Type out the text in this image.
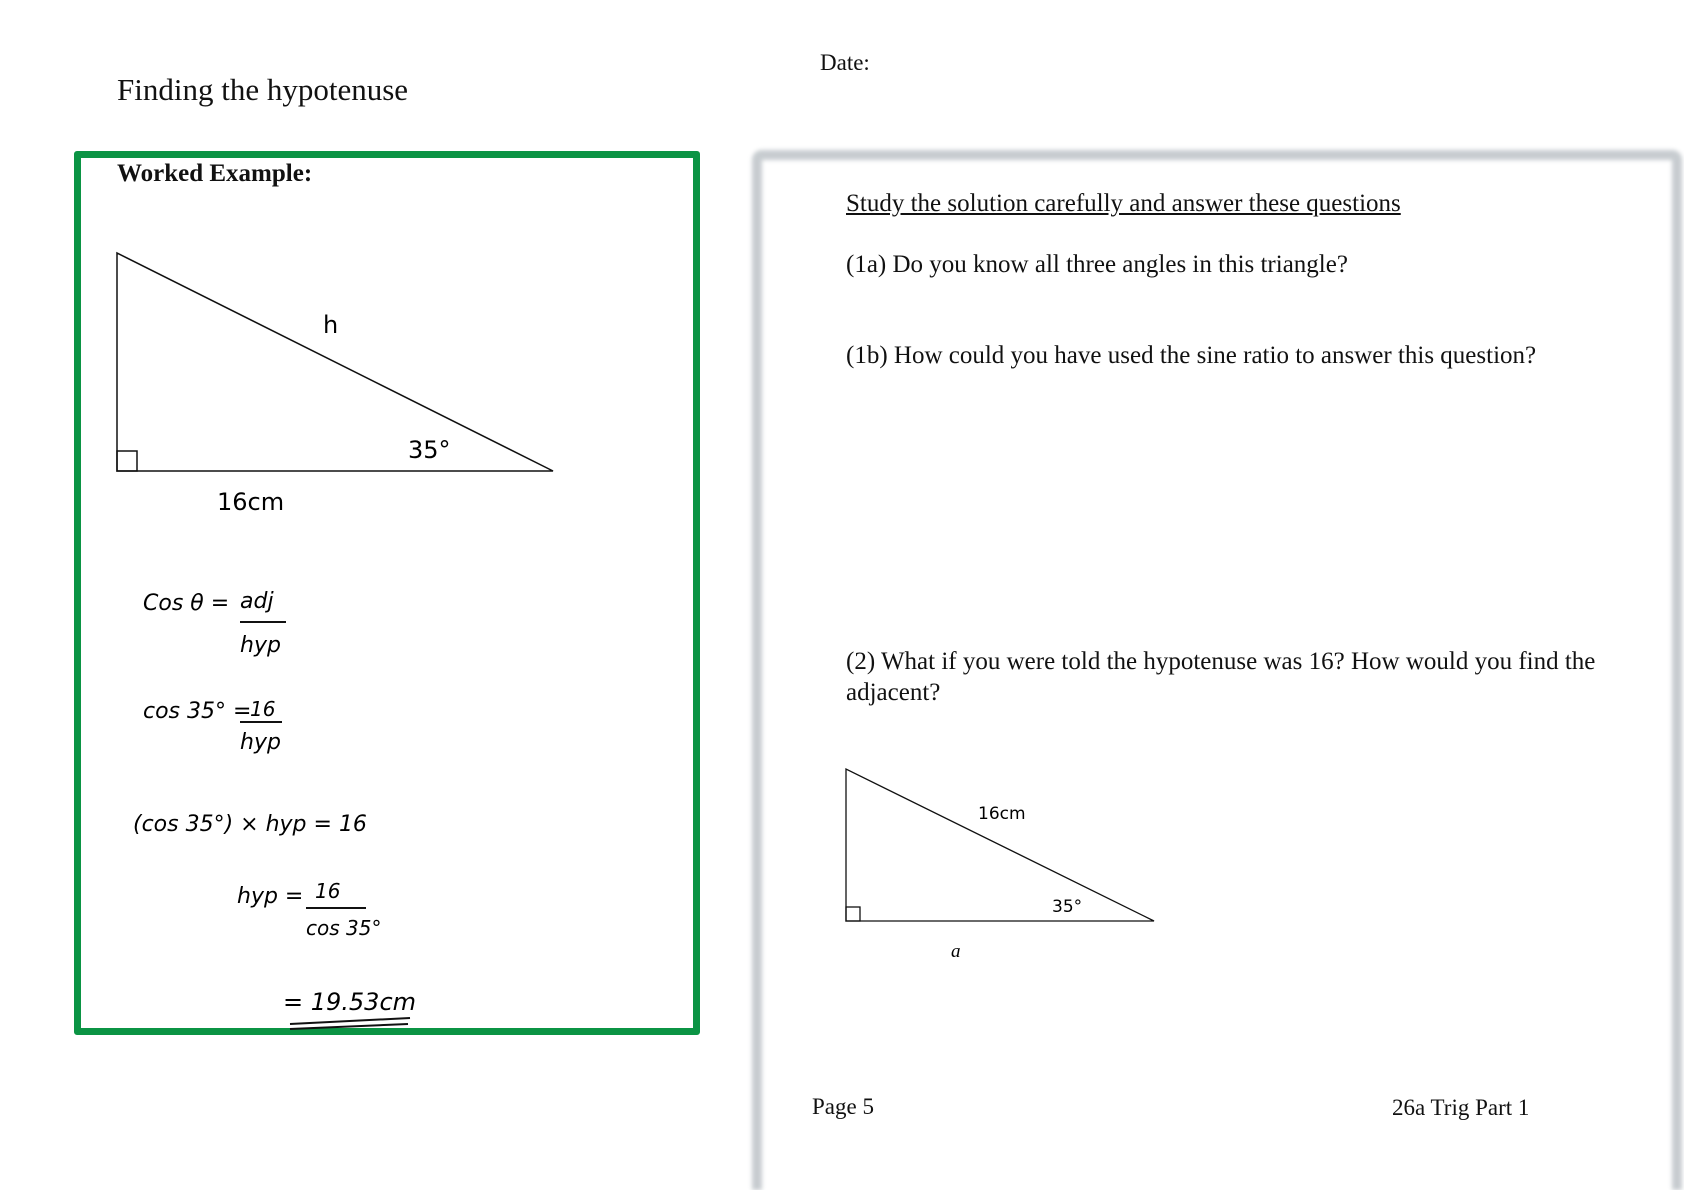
Finding the hypotenuse
Date:
Worked Example:
h
35°
16cm
Cos θ = adj
hyp
cos 35° =
16
hyp
(cos 35°) × hyp = 16
hyp = 16
cos 35°
= 19.53cm
16cm
35°
a
Study the solution carefully and answer these questions
(1a) Do you know all three angles in this triangle?
(1b) How could you have used the sine ratio to answer this question?
(2) What if you were told the hypotenuse was 16? How would you find the adjacent?
Page 5	26a Trig Part 1
